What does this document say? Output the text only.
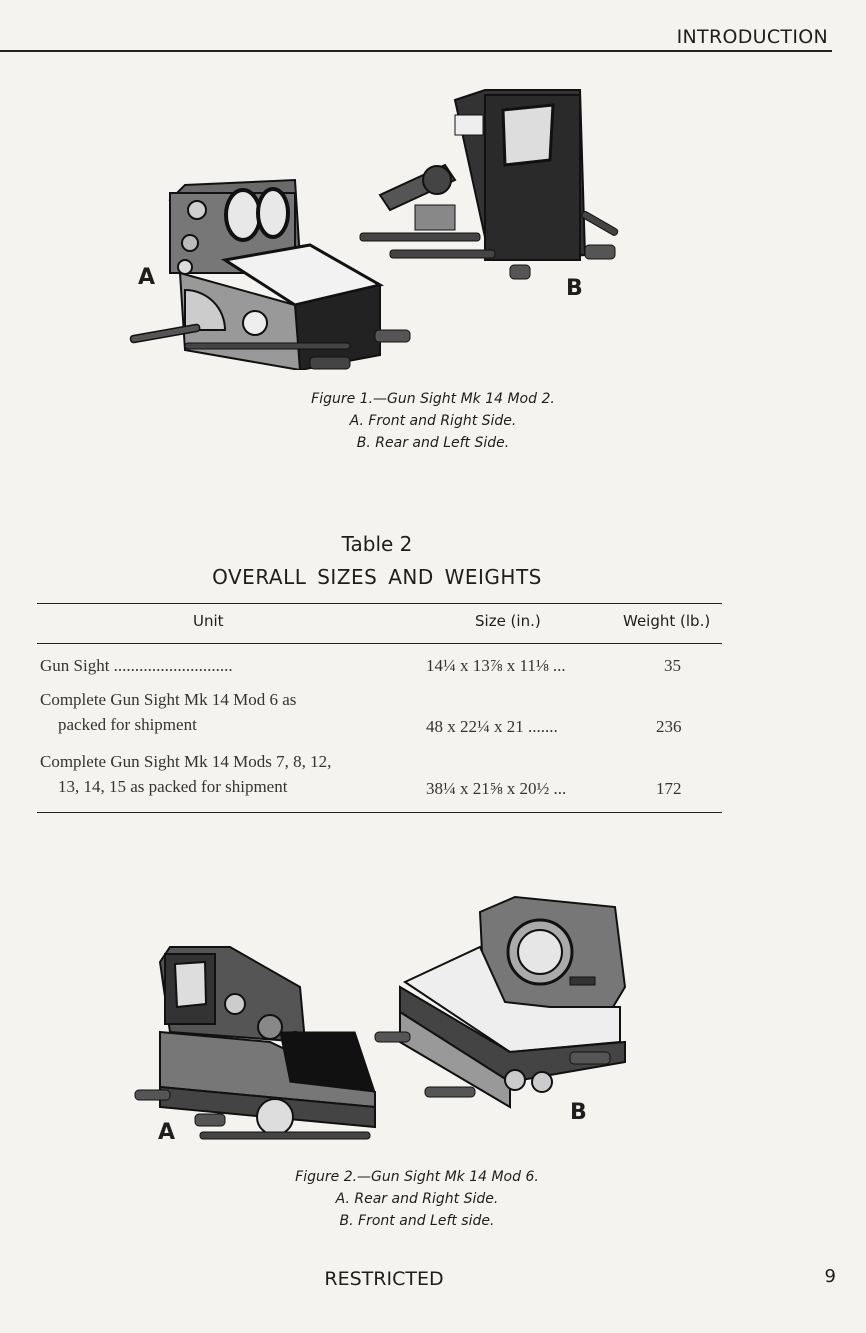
INTRODUCTION
A	B
Figure 1.—Gun Sight Mk 14 Mod 2.
A. Front and Right Side.
B. Rear and Left Side.
Table 2
OVERALL SIZES AND WEIGHTS
Unit	Size (in.)	Weight (lb.)
Gun Sight ............................	14¼ x 13⅞ x 11⅛ ...	35
Complete Gun Sight Mk 14 Mod 6 as
packed for shipment	48 x 22¼ x 21 .......	236
Complete Gun Sight Mk 14 Mods 7, 8, 12,
13, 14, 15 as packed for shipment	38¼ x 21⅝ x 20½ ...	172
A
B
Figure 2.—Gun Sight Mk 14 Mod 6.
A. Rear and Right Side.
B. Front and Left side.
RESTRICTED	9
